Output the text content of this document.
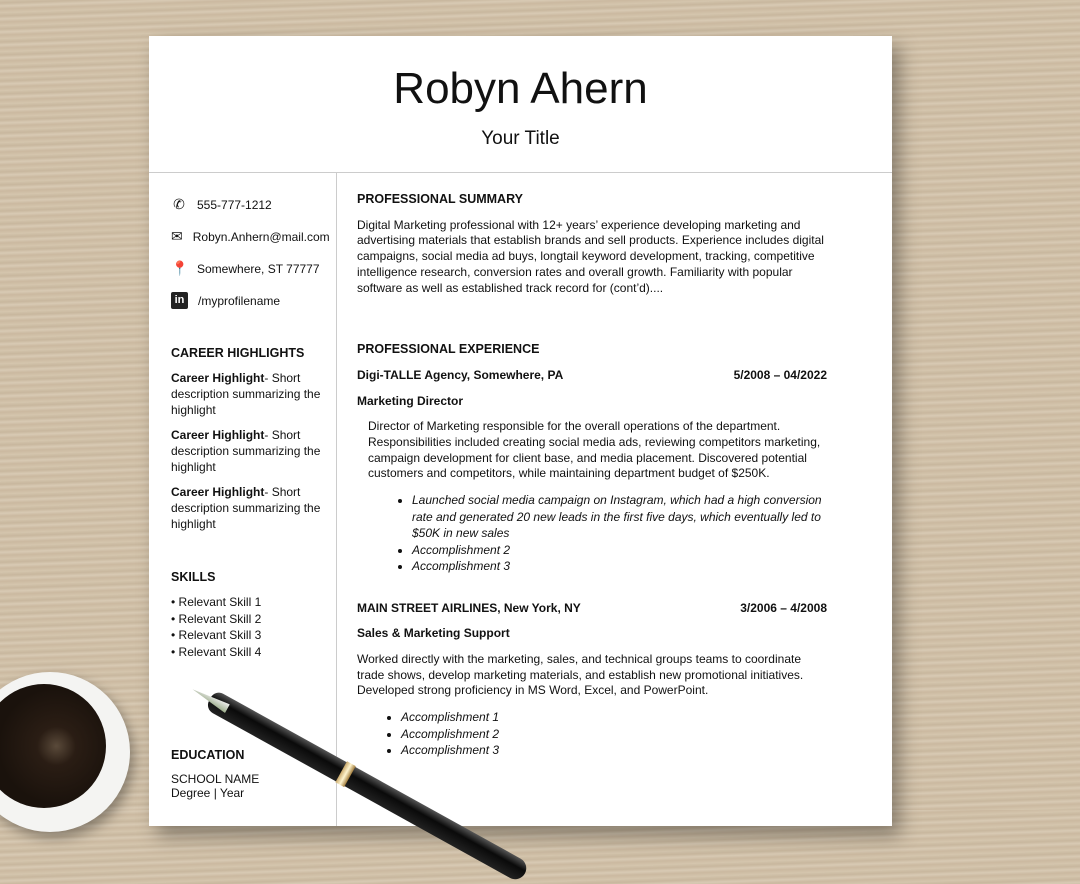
Robyn Ahern
Your Title
✆ 555-777-1212
✉ Robyn.Anhern@mail.com
📍 Somewhere, ST 77777
in	/myprofilename
CAREER HIGHLIGHTS
Career Highlight- Short description summarizing the highlight
Career Highlight- Short description summarizing the highlight
Career Highlight- Short description summarizing the highlight
SKILLS
• Relevant Skill 1
• Relevant Skill 2
• Relevant Skill 3
• Relevant Skill 4
EDUCATION
SCHOOL NAME
Degree | Year
PROFESSIONAL SUMMARY

Digital Marketing professional with 12+ years’ experience developing marketing and advertising materials that establish brands and sell products. Experience includes digital campaigns, social media ad buys, longtail keyword development, tracking, competitive intelligence research, conversion rates and overall growth. Familiarity with popular software as well as established track record for (cont’d)....

PROFESSIONAL EXPERIENCE
Digi-TALLE Agency, Somewhere, PA	5/2008 – 04/2022
Marketing Director

Director of Marketing responsible for the overall operations of the department. Responsibilities included creating social media ads, reviewing competitors marketing, campaign development for client base, and media placement. Discovered potential customers and competitors, while maintaining department budget of $250K.

• Launched social media campaign on Instagram, which had a high conversion rate and generated 20 new leads in the first five days, which eventually led to $50K in new sales
• Accomplishment 2
• Accomplishment 3
MAIN STREET AIRLINES, New York, NY	3/2006 – 4/2008
Sales & Marketing Support

Worked directly with the marketing, sales, and technical groups teams to coordinate trade shows, develop marketing materials, and establish new promotional initiatives. Developed strong proficiency in MS Word, Excel, and PowerPoint.

• Accomplishment 1
• Accomplishment 2
• Accomplishment 3
